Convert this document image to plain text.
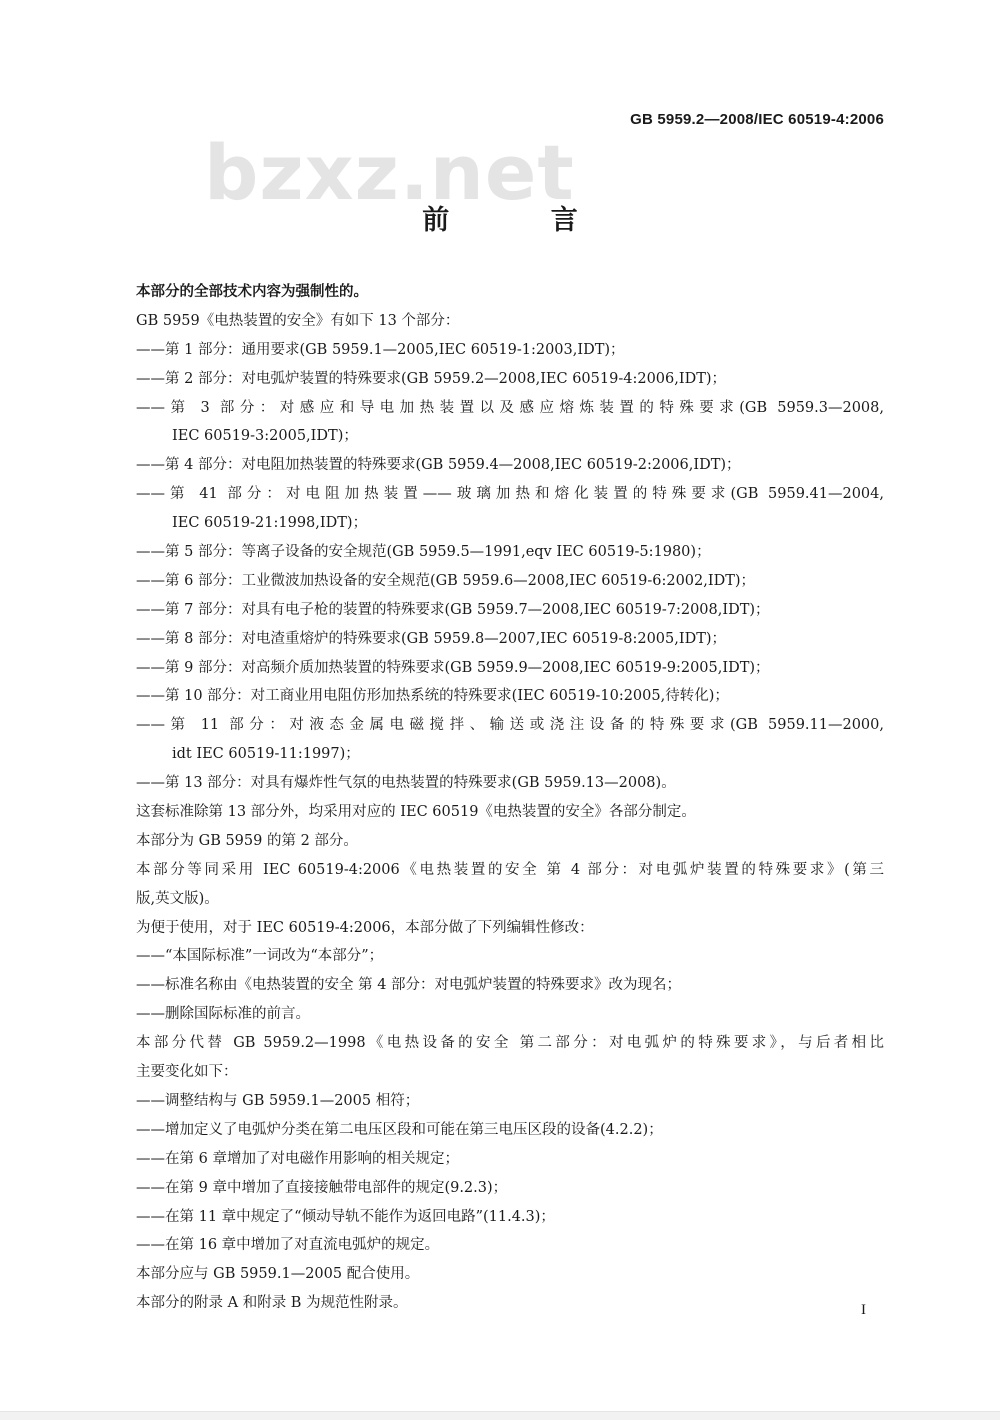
GB 5959.2—2008/IEC 60519-4:2006
bzxz.net
前 言
本部分的全部技术内容为强制性的。
GB 5959《电热装置的安全》有如下 13 个部分：
——第 1 部分：通用要求(GB 5959.1—2005,IEC 60519-1:2003,IDT)；
——第 2 部分：对电弧炉装置的特殊要求(GB 5959.2—2008,IEC 60519-4:2006,IDT)；
——第 3 部分：对感应和导电加热装置以及感应熔炼装置的特殊要求(GB 5959.3—2008,
IEC 60519-3:2005,IDT)；
——第 4 部分：对电阻加热装置的特殊要求(GB 5959.4—2008,IEC 60519-2:2006,IDT)；
——第 41 部分：对电阻加热装置——玻璃加热和熔化装置的特殊要求(GB 5959.41—2004,
IEC 60519-21:1998,IDT)；
——第 5 部分：等离子设备的安全规范(GB 5959.5—1991,eqv IEC 60519-5:1980)；
——第 6 部分：工业微波加热设备的安全规范(GB 5959.6—2008,IEC 60519-6:2002,IDT)；
——第 7 部分：对具有电子枪的装置的特殊要求(GB 5959.7—2008,IEC 60519-7:2008,IDT)；
——第 8 部分：对电渣重熔炉的特殊要求(GB 5959.8—2007,IEC 60519-8:2005,IDT)；
——第 9 部分：对高频介质加热装置的特殊要求(GB 5959.9—2008,IEC 60519-9:2005,IDT)；
——第 10 部分：对工商业用电阻仿形加热系统的特殊要求(IEC 60519-10:2005,待转化)；
——第 11 部分：对液态金属电磁搅拌、输送或浇注设备的特殊要求(GB 5959.11—2000,
idt IEC 60519-11:1997)；
——第 13 部分：对具有爆炸性气氛的电热装置的特殊要求(GB 5959.13—2008)。
这套标准除第 13 部分外，均采用对应的 IEC 60519《电热装置的安全》各部分制定。
本部分为 GB 5959 的第 2 部分。
本部分等同采用 IEC 60519-4:2006《电热装置的安全 第 4 部分：对电弧炉装置的特殊要求》(第三
版,英文版)。
为便于使用，对于 IEC 60519-4:2006，本部分做了下列编辑性修改：
——“本国际标准”一词改为“本部分”；
——标准名称由《电热装置的安全 第 4 部分：对电弧炉装置的特殊要求》改为现名；
——删除国际标准的前言。
本部分代替 GB 5959.2—1998《电热设备的安全 第二部分：对电弧炉的特殊要求》，与后者相比
主要变化如下：
——调整结构与 GB 5959.1—2005 相符；
——增加定义了电弧炉分类在第二电压区段和可能在第三电压区段的设备(4.2.2)；
——在第 6 章增加了对电磁作用影响的相关规定；
——在第 9 章中增加了直接接触带电部件的规定(9.2.3)；
——在第 11 章中规定了“倾动导轨不能作为返回电路”(11.4.3)；
——在第 16 章中增加了对直流电弧炉的规定。
本部分应与 GB 5959.1—2005 配合使用。
本部分的附录 A 和附录 B 为规范性附录。	I
